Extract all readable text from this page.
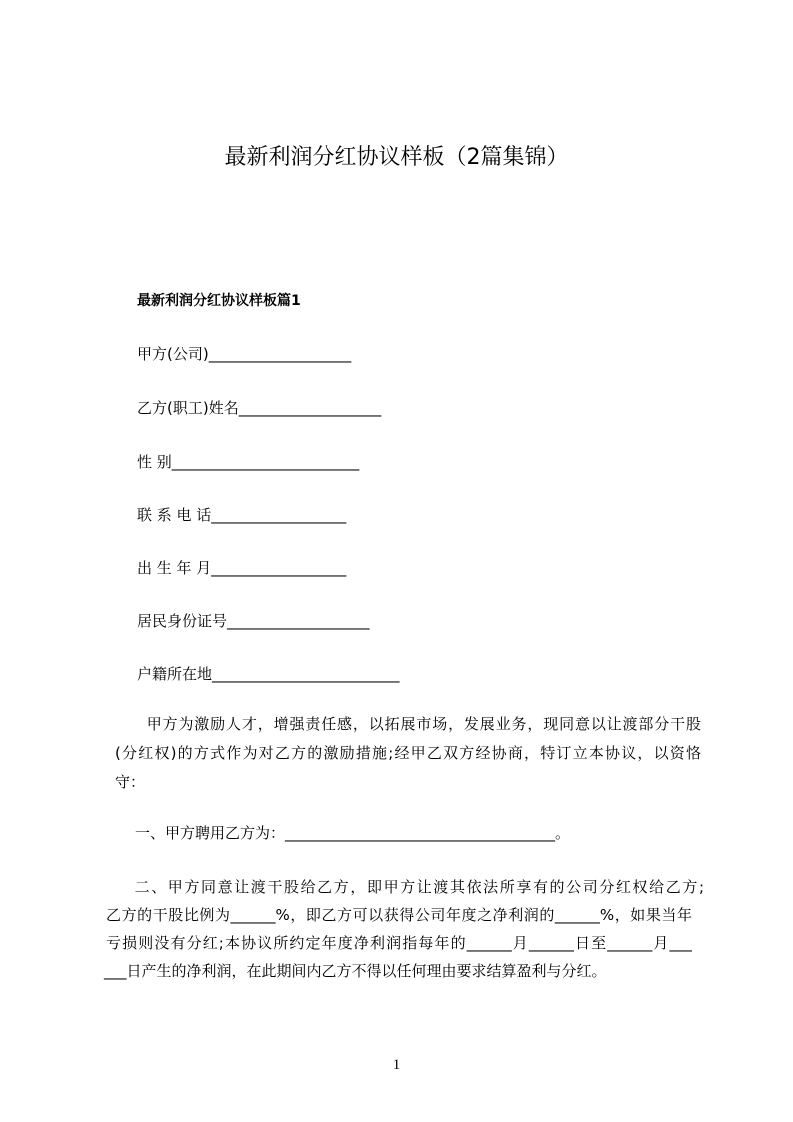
最新利润分红协议样板（2篇集锦）
最新利润分红协议样板篇1
甲方(公司)___________________
乙方(职工)姓名___________________
性 别_________________________
联 系 电 话__________________
出 生 年 月__________________
居民身份证号___________________
户籍所在地_________________________
　　甲方为激励人才，增强责任感，以拓展市场，发展业务，现同意以让渡部分干股
(分红权)的方式作为对乙方的激励措施;经甲乙双方经协商，特订立本协议，以资恪
守：
　一、甲方聘用乙方为：____________________________________。
　二、甲方同意让渡干股给乙方，即甲方让渡其依法所享有的公司分红权给乙方;
乙方的干股比例为______%，即乙方可以获得公司年度之净利润的______%，如果当年
亏损则没有分红;本协议所约定年度净利润指每年的______月______日至______月___
___日产生的净利润，在此期间内乙方不得以任何理由要求结算盈利与分红。
1
